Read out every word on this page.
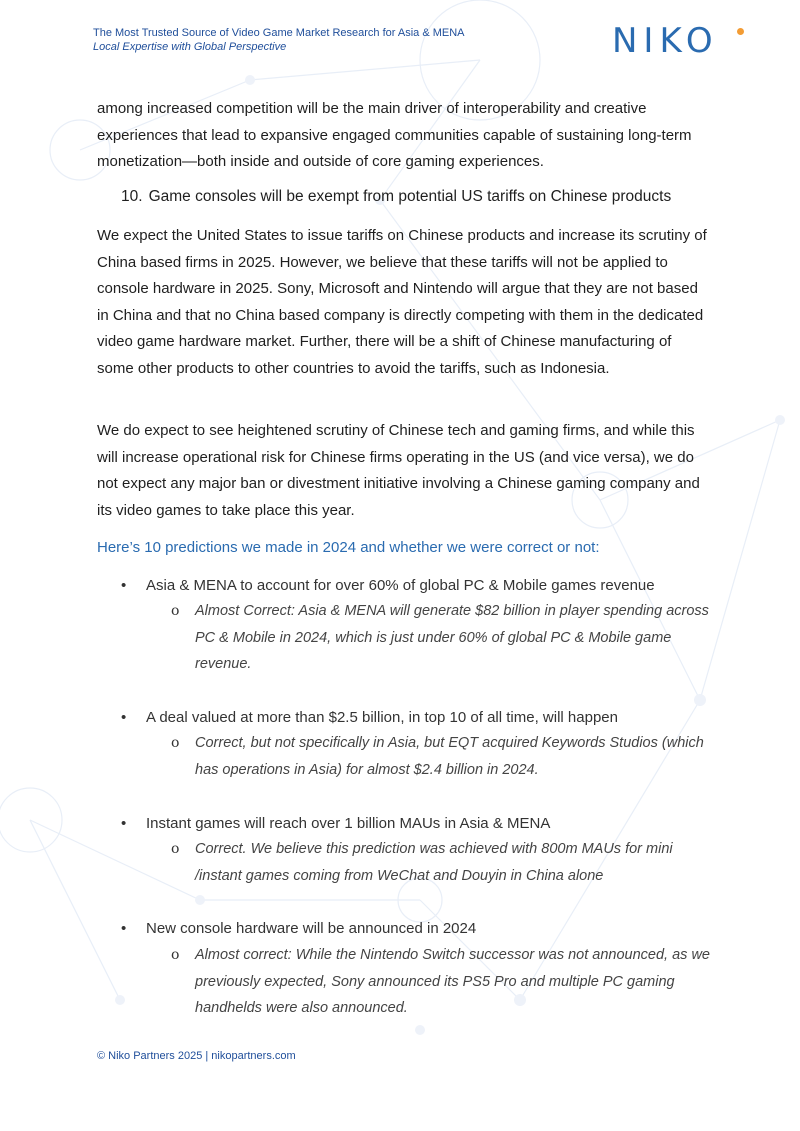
The Most Trusted Source of Video Game Market Research for Asia & MENA
Local Expertise with Global Perspective	NIKO
among increased competition will be the main driver of interoperability and creative experiences that lead to expansive engaged communities capable of sustaining long-term monetization—both inside and outside of core gaming experiences.
10. Game consoles will be exempt from potential US tariffs on Chinese products
We expect the United States to issue tariffs on Chinese products and increase its scrutiny of China based firms in 2025. However, we believe that these tariffs will not be applied to console hardware in 2025. Sony, Microsoft and Nintendo will argue that they are not based in China and that no China based company is directly competing with them in the dedicated video game hardware market. Further, there will be a shift of Chinese manufacturing of some other products to other countries to avoid the tariffs, such as Indonesia.
We do expect to see heightened scrutiny of Chinese tech and gaming firms, and while this will increase operational risk for Chinese firms operating in the US (and vice versa), we do not expect any major ban or divestment initiative involving a Chinese gaming company and its video games to take place this year.
Here’s 10 predictions we made in 2024 and whether we were correct or not:
• Asia & MENA to account for over 60% of global PC & Mobile games revenue
o Almost Correct: Asia & MENA will generate $82 billion in player spending across PC & Mobile in 2024, which is just under 60% of global PC & Mobile game revenue.
• A deal valued at more than $2.5 billion, in top 10 of all time, will happen
o Correct, but not specifically in Asia, but EQT acquired Keywords Studios (which has operations in Asia) for almost $2.4 billion in 2024.
• Instant games will reach over 1 billion MAUs in Asia & MENA
o Correct. We believe this prediction was achieved with 800m MAUs for mini /instant games coming from WeChat and Douyin in China alone
• New console hardware will be announced in 2024
o Almost correct: While the Nintendo Switch successor was not announced, as we previously expected, Sony announced its PS5 Pro and multiple PC gaming handhelds were also announced.
© Niko Partners 2025 | nikopartners.com
